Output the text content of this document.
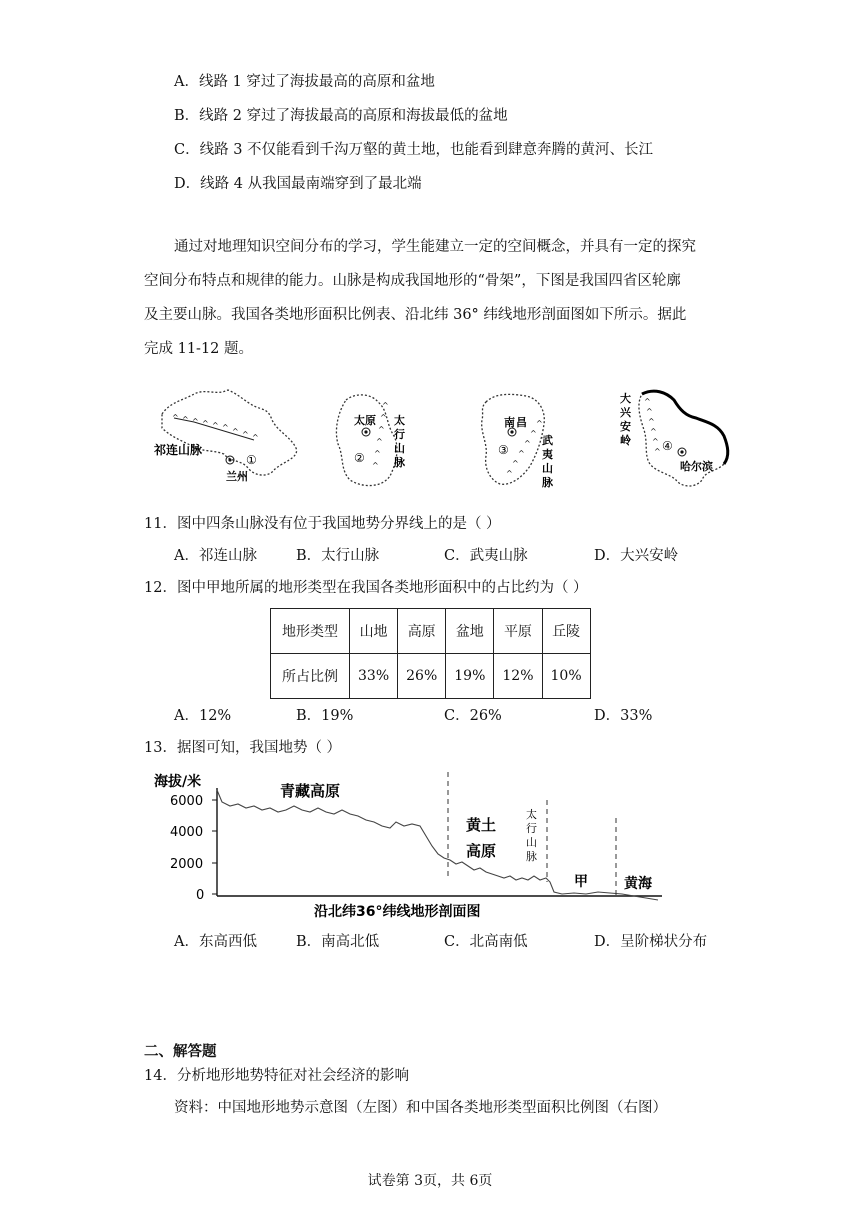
A．线路 1 穿过了海拔最高的高原和盆地
B．线路 2 穿过了海拔最高的高原和海拔最低的盆地
C．线路 3 不仅能看到千沟万壑的黄土地，也能看到肆意奔腾的黄河、长江
D．线路 4 从我国最南端穿到了最北端
通过对地理知识空间分布的学习，学生能建立一定的空间概念，并具有一定的探究
空间分布特点和规律的能力。山脉是构成我国地形的“骨架”，下图是我国四省区轮廓
及主要山脉。我国各类地形面积比例表、沿北纬 36° 纬线地形剖面图如下所示。据此
完成 11-12 题。
^ ^ ^ ^ ^ ^ ^ ^ ^
祁连山脉
①
兰州
^
^
^
^
^
^
太原
②
太
行
山
脉
^
^
^
^
^
^
南 昌
③
武
夷
山
脉
^
^
^
^
^
^
大
兴
安
岭	④
哈尔滨
11．图中四条山脉没有位于我国地势分界线上的是（ ）
A．祁连山脉	B．太行山脉	C．武夷山脉	D．大兴安岭
12．图中甲地所属的地形类型在我国各类地形面积中的占比约为（ ）
地形类型	山地	高原	盆地	平原	丘陵
所占比例	33%	26%	19%	12%	10%
A．12%	B．19%	C．26%	D．33%
13．据图可知，我国地势（ ）
海拔/米
6000
4000
2000
0
青藏高原
黄土
高原
太
行
山
脉
甲	黄海
沿北纬36°纬线地形剖面图
A．东高西低	B．南高北低	C．北高南低	D．呈阶梯状分布
二、解答题
14．分析地形地势特征对社会经济的影响
资料：中国地形地势示意图（左图）和中国各类地形类型面积比例图（右图）
试卷第 3页，共 6页
